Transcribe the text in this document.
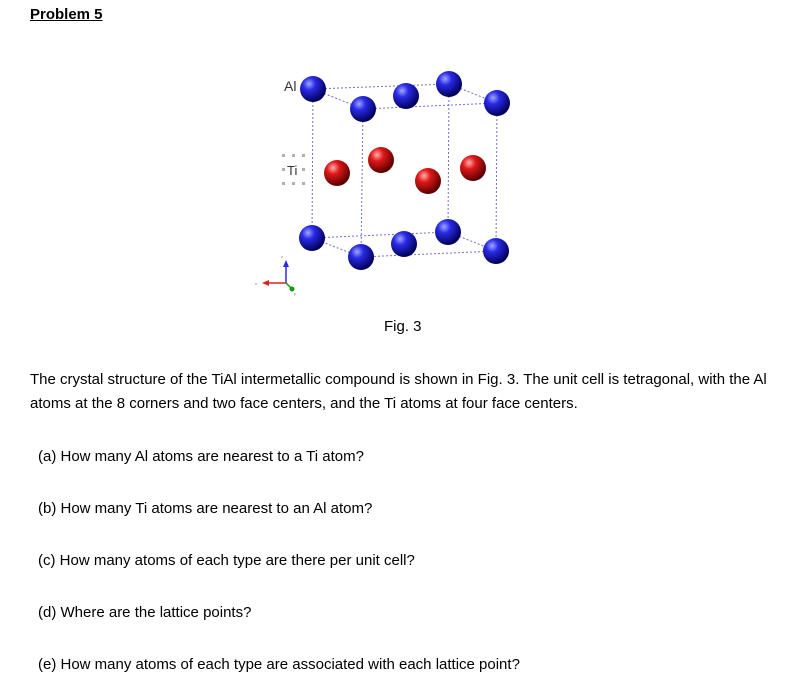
Problem 5
Al
Ti
z
x
y
Fig. 3
The crystal structure of the TiAl intermetallic compound is shown in Fig. 3. The unit cell is tetragonal, with the Al atoms at the 8 corners and two face centers, and the Ti atoms at four face centers.
(a) How many Al atoms are nearest to a Ti atom?
(b) How many Ti atoms are nearest to an Al atom?
(c) How many atoms of each type are there per unit cell?
(d) Where are the lattice points?
(e) How many atoms of each type are associated with each lattice point?
